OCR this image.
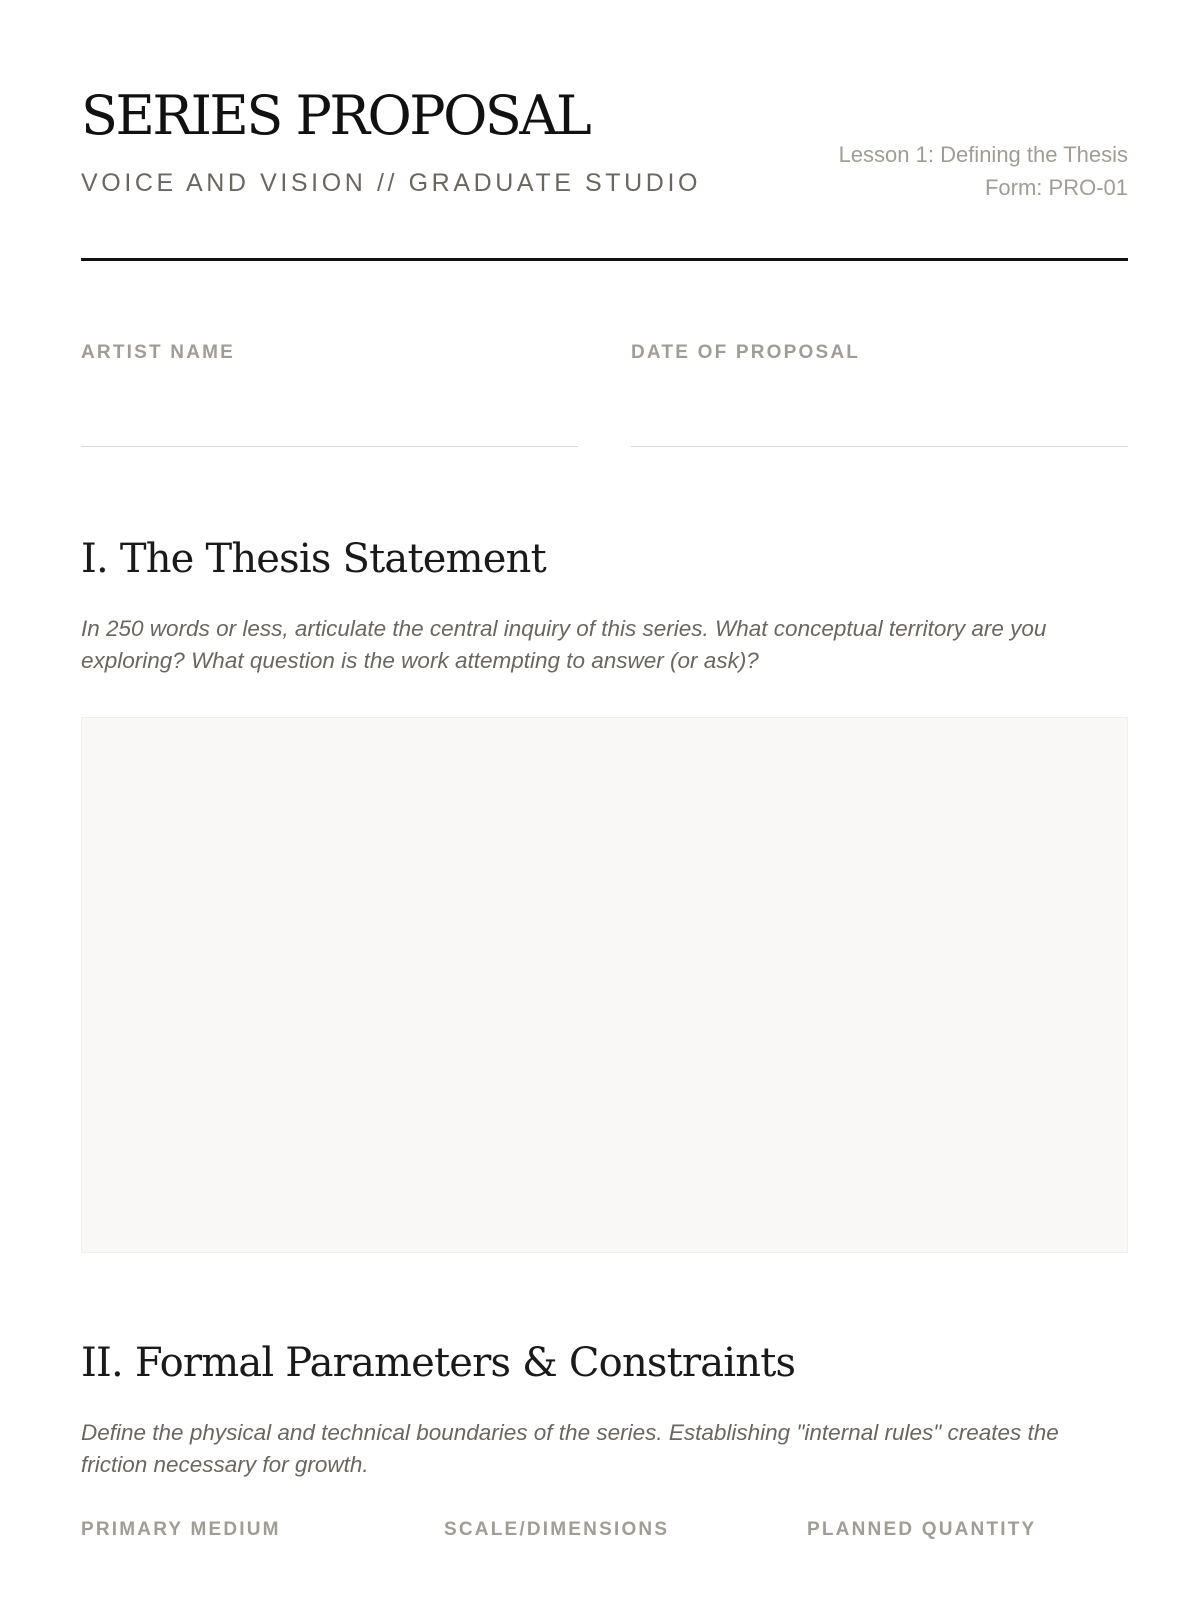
SERIES PROPOSAL
VOICE AND VISION // GRADUATE STUDIO
Lesson 1: Defining the Thesis
Form: PRO-01
ARTIST NAME	DATE OF PROPOSAL
I. The Thesis Statement

In 250 words or less, articulate the central inquiry of this series. What conceptual territory are you exploring? What question is the work attempting to answer (or ask)?

II. Formal Parameters & Constraints

Define the physical and technical boundaries of the series. Establishing "internal rules" creates the friction necessary for growth.

PRIMARY MEDIUM	SCALE/DIMENSIONS	PLANNED QUANTITY
